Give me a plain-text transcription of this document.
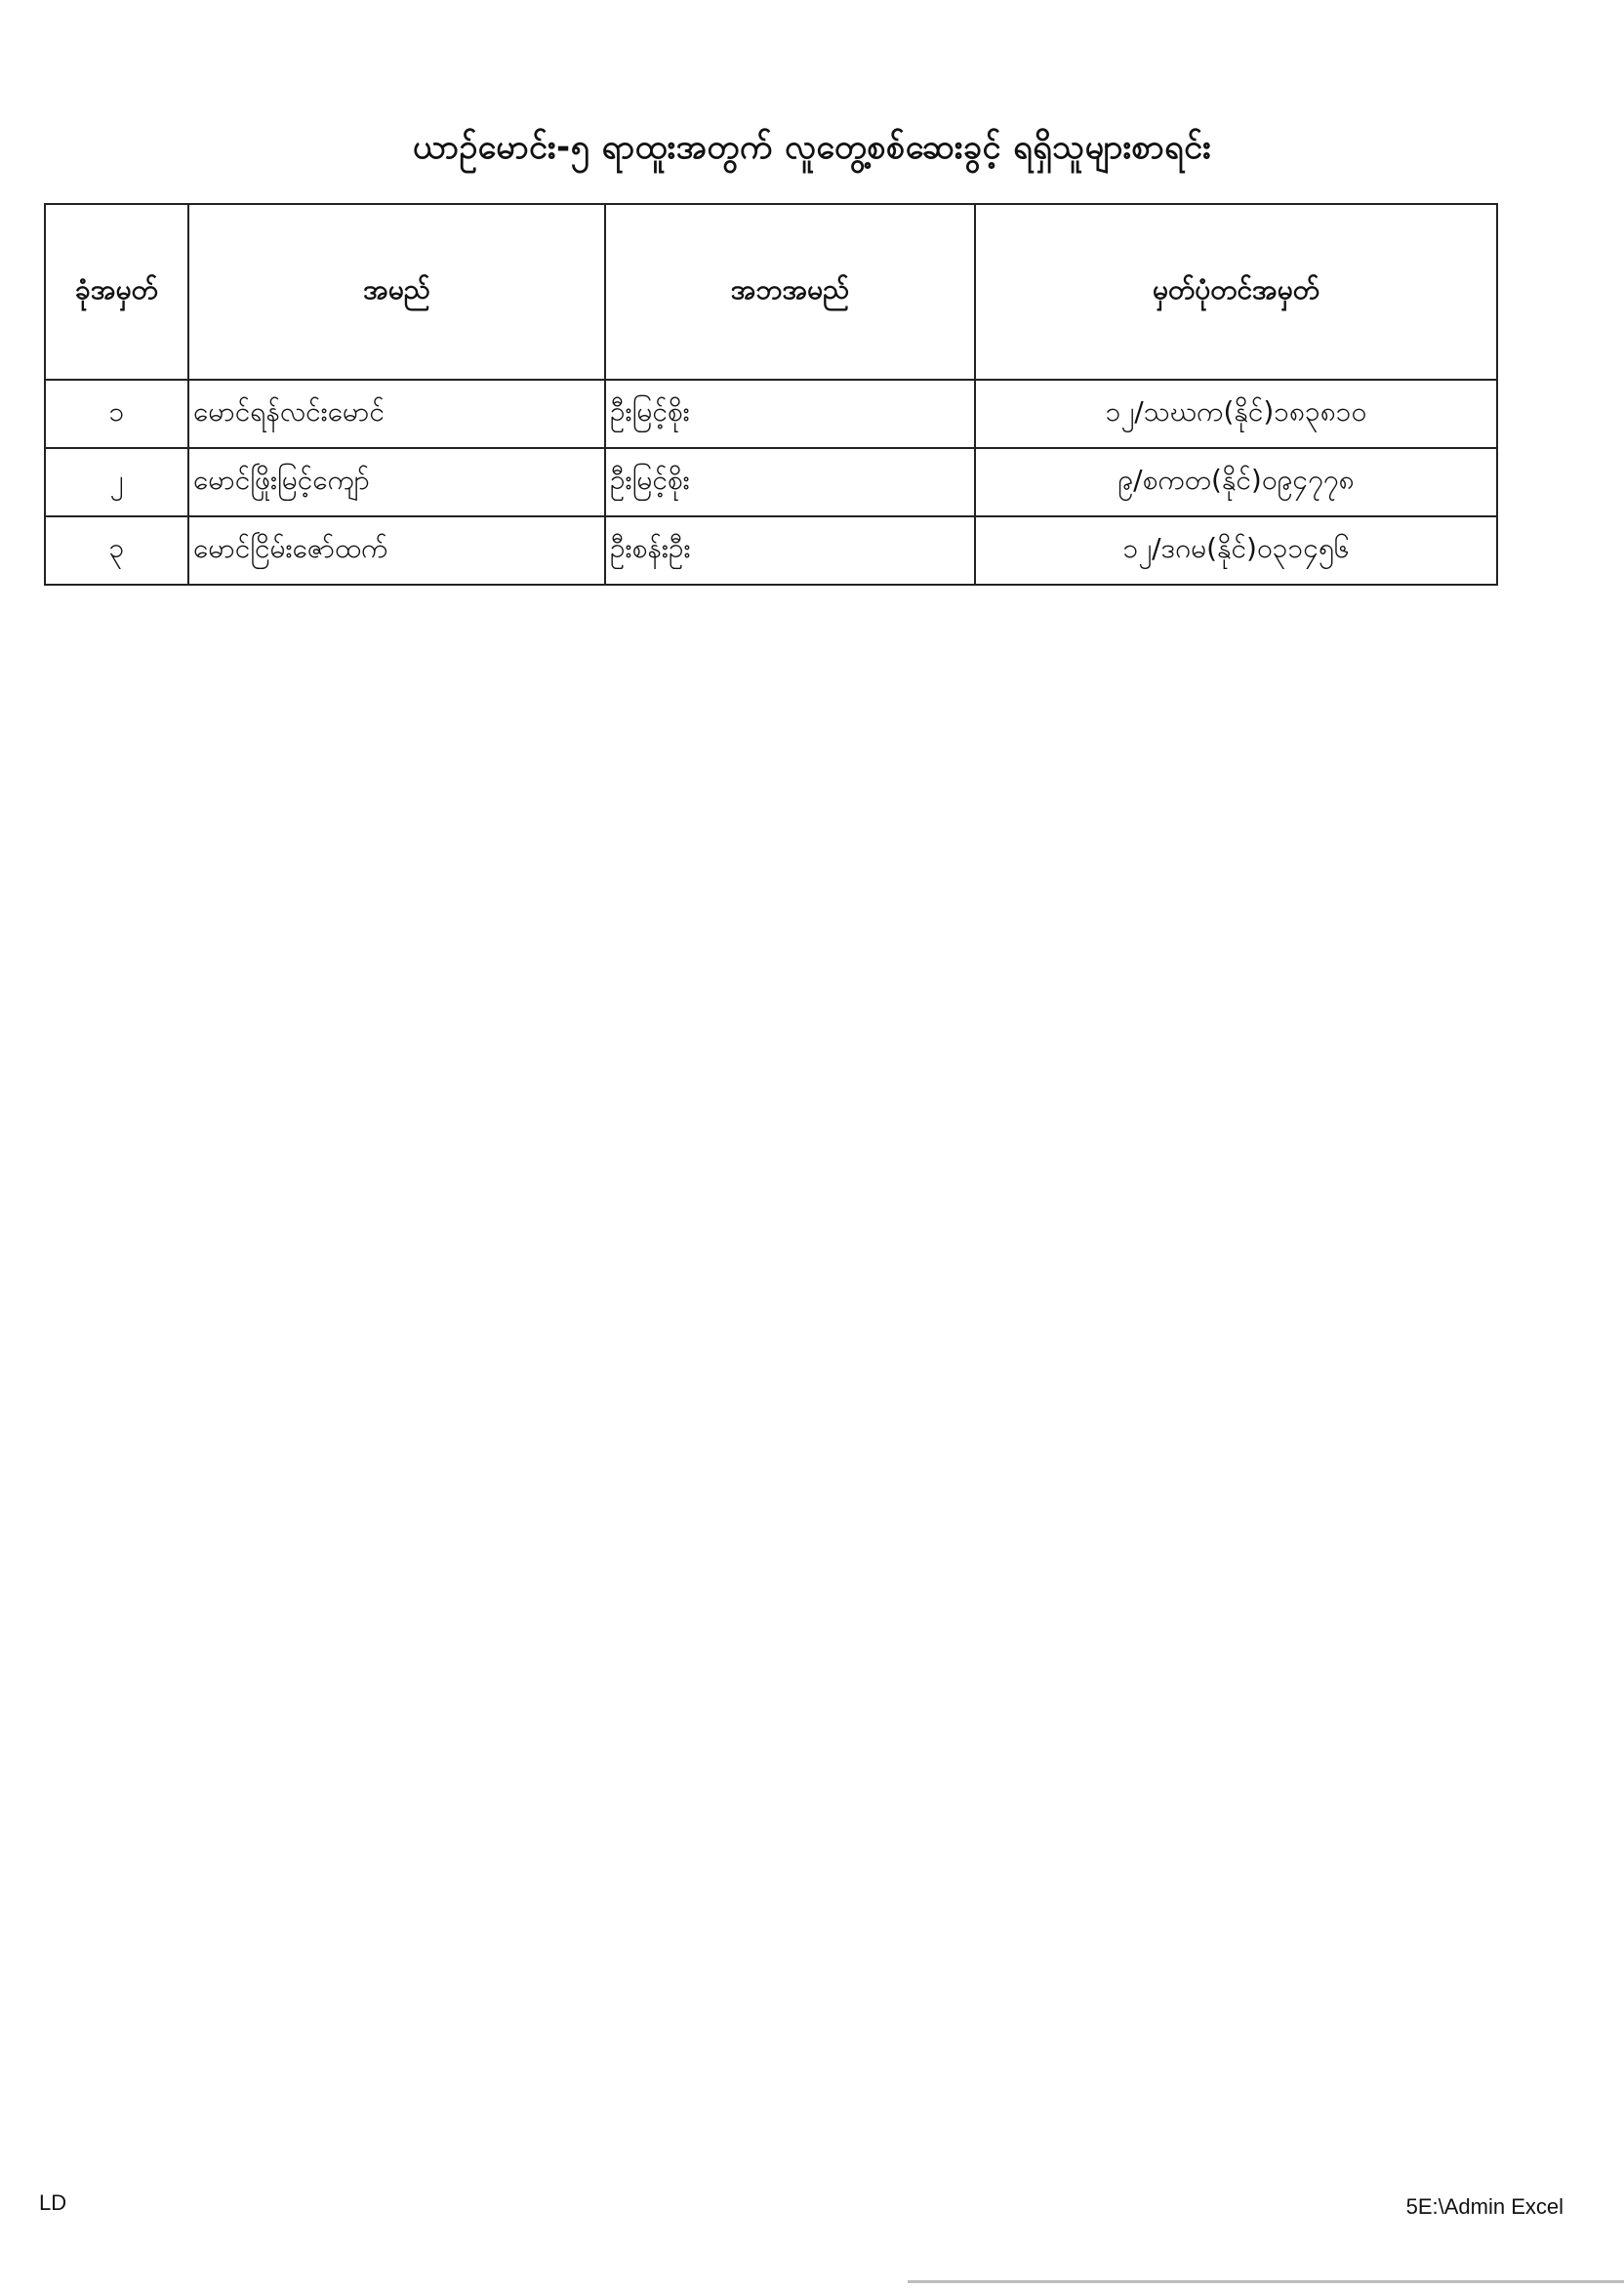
ယာဉ်မောင်း-၅ ရာထူးအတွက် လူတွေ့စစ်ဆေးခွင့် ရရှိသူများစာရင်း
ခုံအမှတ်	အမည်	အဘအမည်	မှတ်ပုံတင်အမှတ်
၁	မောင်ရန်လင်းမောင်	ဦးမြင့်စိုး	၁၂/သဃက(နိုင်)၁၈၃၈၁၀
၂	မောင်ဖြိုးမြင့်ကျော်	ဦးမြင့်စိုး	၉/စကတ(နိုင်)၀၉၄၇၇၈
၃	မောင်ငြိမ်းဇော်ထက်	ဦးစန်းဦး	၁၂/ဒဂမ(နိုင်)၀၃၁၄၅၆
LD	5E:\Admin Excel
